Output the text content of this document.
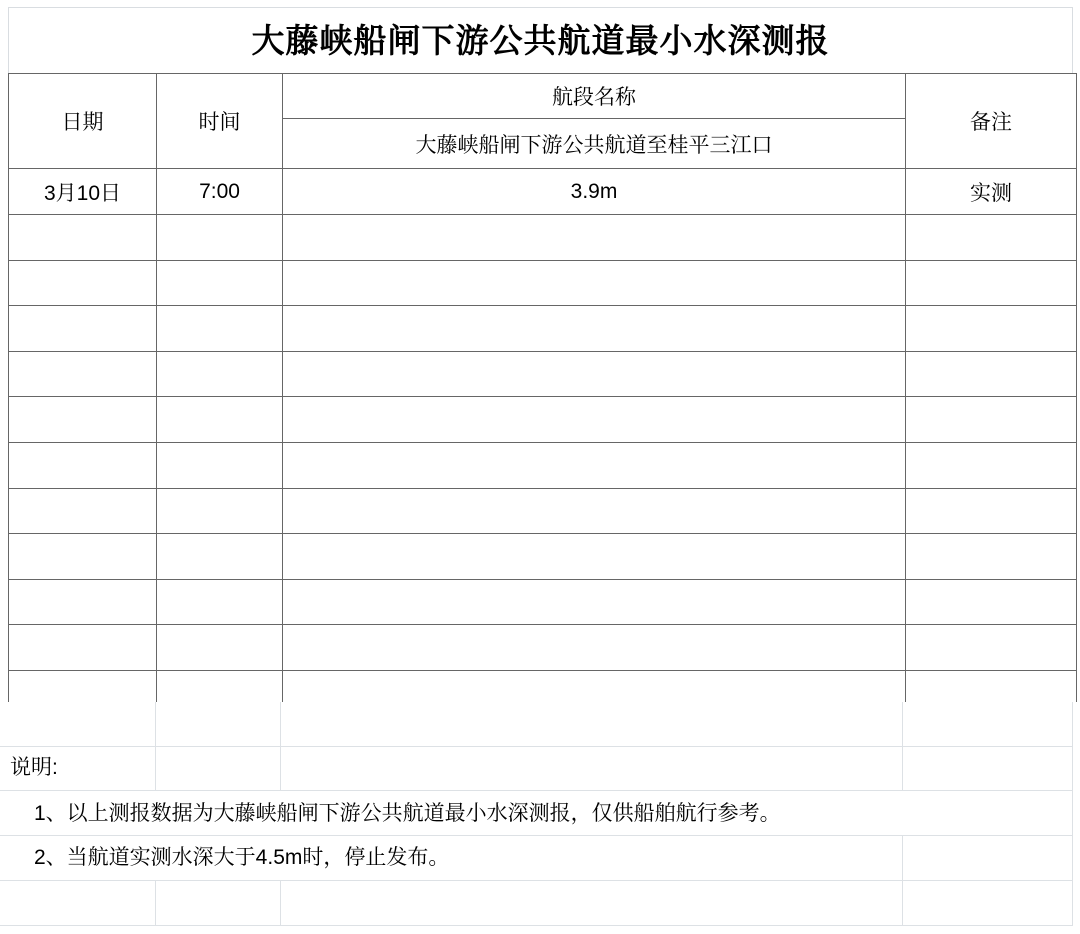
大藤峡船闸下游公共航道最小水深测报
日期	时间	航段名称	备注
		大藤峡船闸下游公共航道至桂平三江口	
3月10日	7:00	3.9m	实测

说明:
1、以上测报数据为大藤峡船闸下游公共航道最小水深测报，仅供船舶航行参考。
2、当航道实测水深大于4.5m时，停止发布。
